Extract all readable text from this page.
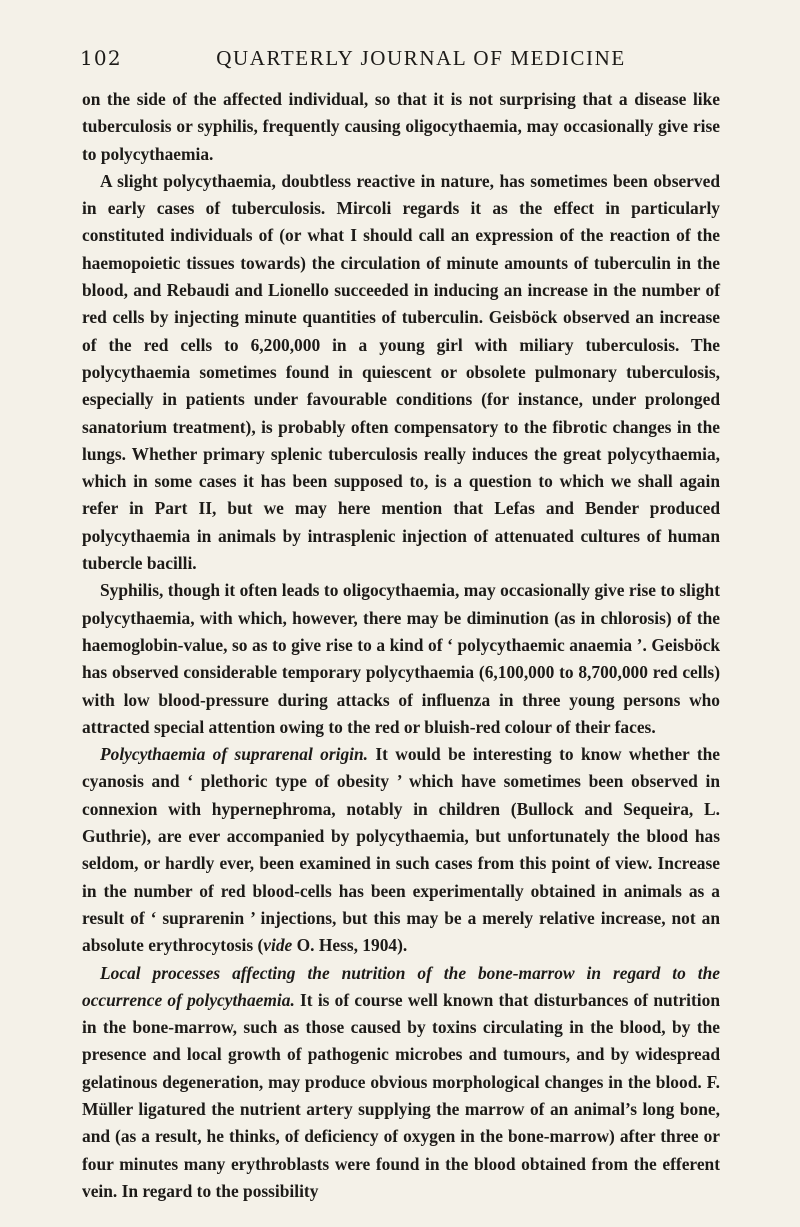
102	QUARTERLY JOURNAL OF MEDICINE

on the side of the affected individual, so that it is not surprising that a disease like tuberculosis or syphilis, frequently causing oligocythaemia, may occasionally give rise to polycythaemia.

A slight polycythaemia, doubtless reactive in nature, has sometimes been observed in early cases of tuberculosis. Mircoli regards it as the effect in particularly constituted individuals of (or what I should call an expression of the reaction of the haemopoietic tissues towards) the circulation of minute amounts of tuberculin in the blood, and Rebaudi and Lionello succeeded in inducing an increase in the number of red cells by injecting minute quantities of tuberculin. Geisböck observed an increase of the red cells to 6,200,000 in a young girl with miliary tuberculosis. The polycythaemia sometimes found in quiescent or obsolete pulmonary tuberculosis, especially in patients under favourable conditions (for instance, under prolonged sanatorium treatment), is probably often compensatory to the fibrotic changes in the lungs. Whether primary splenic tuberculosis really induces the great polycythaemia, which in some cases it has been supposed to, is a question to which we shall again refer in Part II, but we may here mention that Lefas and Bender produced polycythaemia in animals by intrasplenic injection of attenuated cultures of human tubercle bacilli.

Syphilis, though it often leads to oligocythaemia, may occasionally give rise to slight polycythaemia, with which, however, there may be diminution (as in chlorosis) of the haemoglobin-value, so as to give rise to a kind of ‘ polycythaemic anaemia ’. Geisböck has observed considerable temporary polycythaemia (6,100,000 to 8,700,000 red cells) with low blood-pressure during attacks of influenza in three young persons who attracted special attention owing to the red or bluish-red colour of their faces.

Polycythaemia of suprarenal origin. It would be interesting to know whether the cyanosis and ‘ plethoric type of obesity ’ which have sometimes been observed in connexion with hypernephroma, notably in children (Bullock and Sequeira, L. Guthrie), are ever accompanied by polycythaemia, but unfortunately the blood has seldom, or hardly ever, been examined in such cases from this point of view. Increase in the number of red blood-cells has been experimentally obtained in animals as a result of ‘ suprarenin ’ injections, but this may be a merely relative increase, not an absolute erythrocytosis (vide O. Hess, 1904).

Local processes affecting the nutrition of the bone-marrow in regard to the occurrence of polycythaemia. It is of course well known that disturbances of nutrition in the bone-marrow, such as those caused by toxins circulating in the blood, by the presence and local growth of pathogenic microbes and tumours, and by widespread gelatinous degeneration, may produce obvious morphological changes in the blood. F. Müller ligatured the nutrient artery supplying the marrow of an animal’s long bone, and (as a result, he thinks, of deficiency of oxygen in the bone-marrow) after three or four minutes many erythroblasts were found in the blood obtained from the efferent vein. In regard to the possibility
